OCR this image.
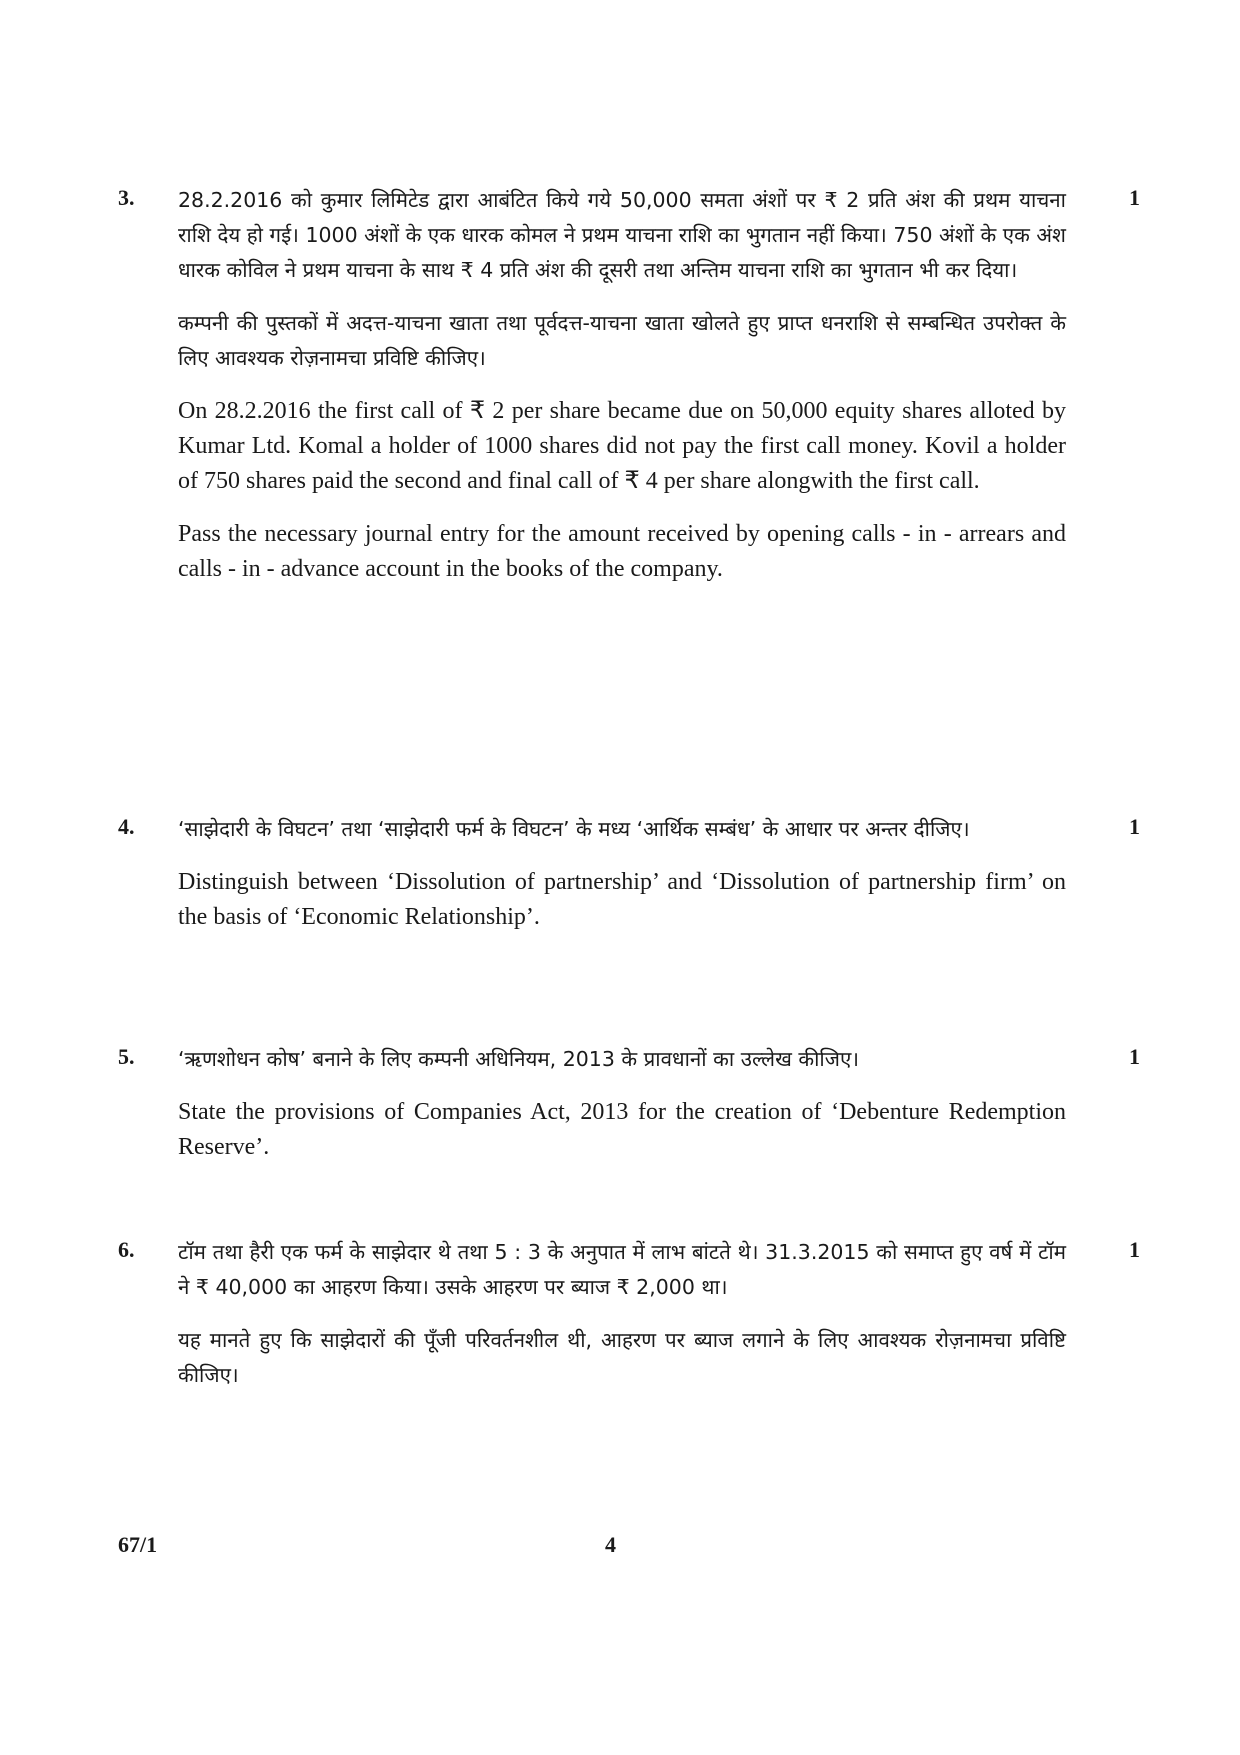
3.	1

28.2.2016 को कुमार लिमिटेड द्वारा आबंटित किये गये 50,000 समता अंशों पर ₹ 2 प्रति अंश की प्रथम याचना राशि देय हो गई। 1000 अंशों के एक धारक कोमल ने प्रथम याचना राशि का भुगतान नहीं किया। 750 अंशों के एक अंश धारक कोविल ने प्रथम याचना के साथ ₹ 4 प्रति अंश की दूसरी तथा अन्तिम याचना राशि का भुगतान भी कर दिया।

कम्पनी की पुस्तकों में अदत्त-याचना खाता तथा पूर्वदत्त-याचना खाता खोलते हुए प्राप्त धनराशि से सम्बन्धित उपरोक्त के लिए आवश्यक रोज़नामचा प्रविष्टि कीजिए।

On 28.2.2016 the first call of ₹ 2 per share became due on 50,000 equity shares alloted by Kumar Ltd. Komal a holder of 1000 shares did not pay the first call money. Kovil a holder of 750 shares paid the second and final call of ₹ 4 per share alongwith the first call.

Pass the necessary journal entry for the amount received by opening calls - in - arrears and calls - in - advance account in the books of the company.

4.	1

‘साझेदारी के विघटन’ तथा ‘साझेदारी फर्म के विघटन’ के मध्य ‘आर्थिक सम्बंध’ के आधार पर अन्तर दीजिए।

Distinguish between ‘Dissolution of partnership’ and ‘Dissolution of partnership firm’ on the basis of ‘Economic Relationship’.

5.	1

‘ऋणशोधन कोष’ बनाने के लिए कम्पनी अधिनियम, 2013 के प्रावधानों का उल्लेख कीजिए।

State the provisions of Companies Act, 2013 for the creation of ‘Debenture Redemption Reserve’.

6.	1

टॉम तथा हैरी एक फर्म के साझेदार थे तथा 5 : 3 के अनुपात में लाभ बांटते थे। 31.3.2015 को समाप्त हुए वर्ष में टॉम ने ₹ 40,000 का आहरण किया। उसके आहरण पर ब्याज ₹ 2,000 था।

यह मानते हुए कि साझेदारों की पूँजी परिवर्तनशील थी, आहरण पर ब्याज लगाने के लिए आवश्यक रोज़नामचा प्रविष्टि कीजिए।

67/1	4
